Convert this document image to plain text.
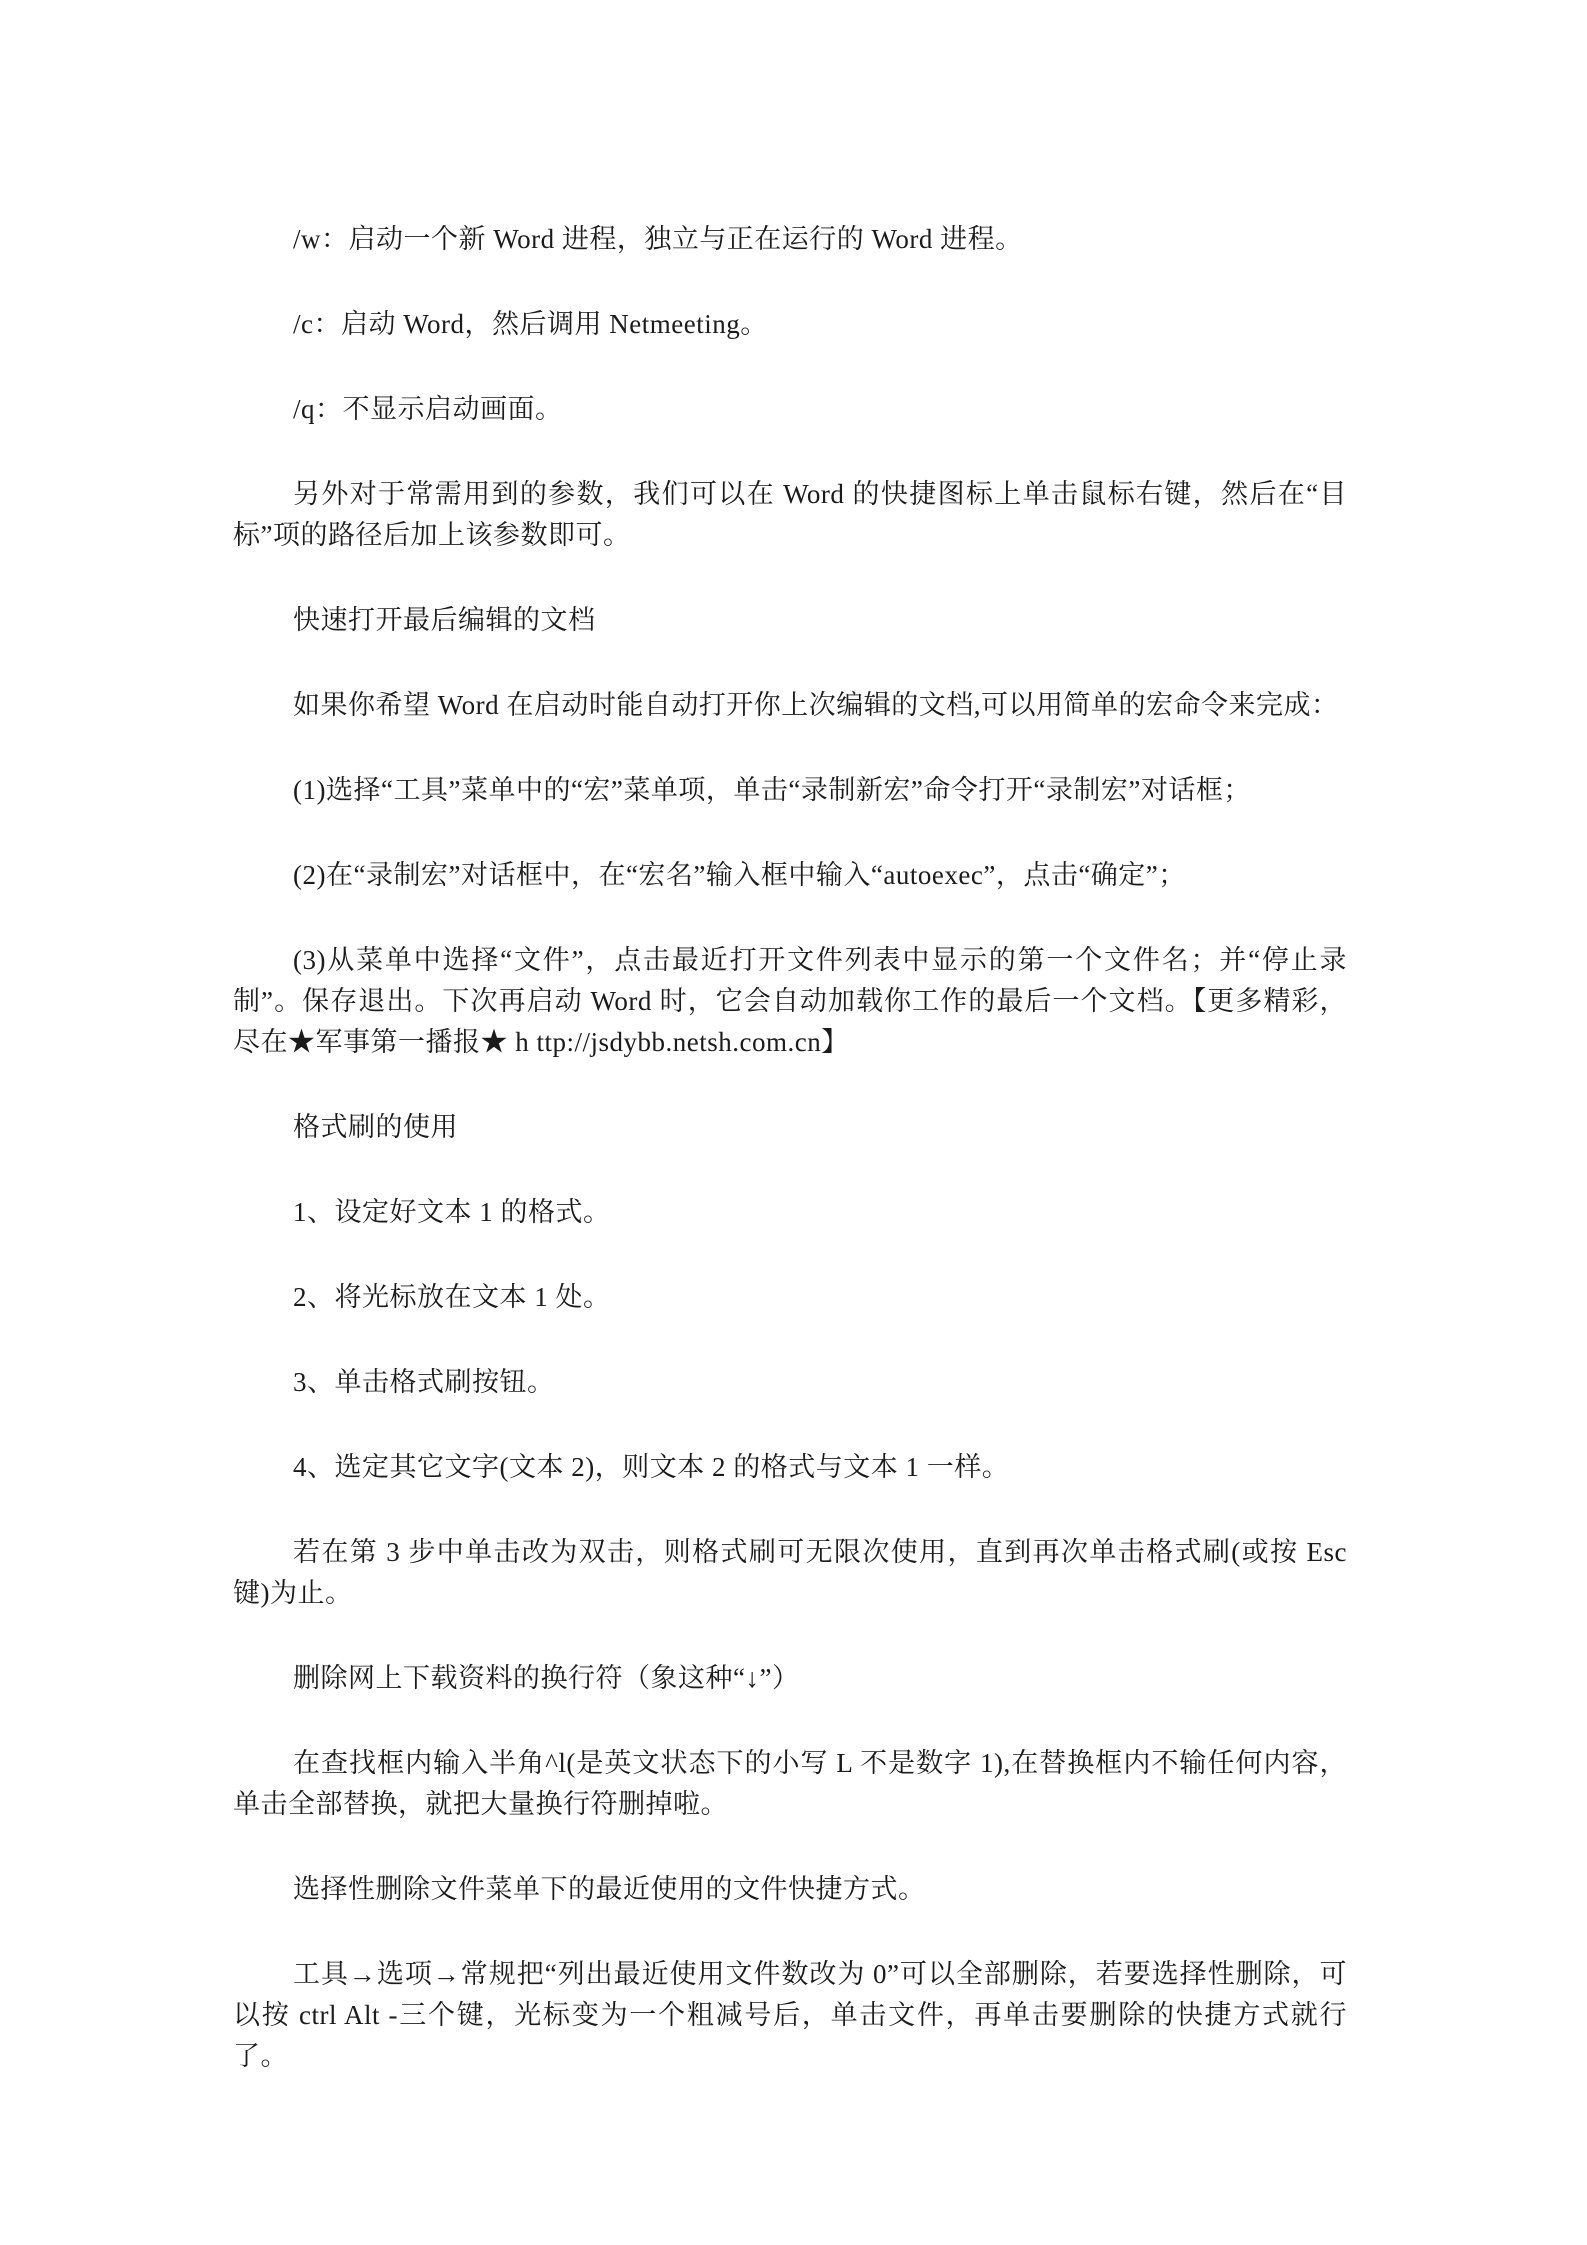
/w：启动一个新 Word 进程，独立与正在运行的 Word 进程。

/c：启动 Word，然后调用 Netmeeting。

/q：不显示启动画面。

另外对于常需用到的参数，我们可以在 Word 的快捷图标上单击鼠标右键，然后在“目标”项的路径后加上该参数即可。

快速打开最后编辑的文档

如果你希望 Word 在启动时能自动打开你上次编辑的文档,可以用简单的宏命令来完成：

(1)选择“工具”菜单中的“宏”菜单项，单击“录制新宏”命令打开“录制宏”对话框；

(2)在“录制宏”对话框中，在“宏名”输入框中输入“autoexec”，点击“确定”；

(3)从菜单中选择“文件”，点击最近打开文件列表中显示的第一个文件名；并“停止录制”。保存退出。下次再启动 Word 时，它会自动加载你工作的最后一个文档。【更多精彩，尽在★军事第一播报★ h ttp://jsdybb.netsh.com.cn】

格式刷的使用

1、设定好文本 1 的格式。

2、将光标放在文本 1 处。

3、单击格式刷按钮。

4、选定其它文字(文本 2)，则文本 2 的格式与文本 1 一样。

若在第 3 步中单击改为双击，则格式刷可无限次使用，直到再次单击格式刷(或按 Esc 键)为止。

删除网上下载资料的换行符（象这种“↓”）

在查找框内输入半角^l(是英文状态下的小写 L 不是数字 1),在替换框内不输任何内容，单击全部替换，就把大量换行符删掉啦。

选择性删除文件菜单下的最近使用的文件快捷方式。

工具→选项→常规把“列出最近使用文件数改为 0”可以全部删除，若要选择性删除，可以按 ctrl Alt -三个键，光标变为一个粗减号后，单击文件，再单击要删除的快捷方式就行了。
